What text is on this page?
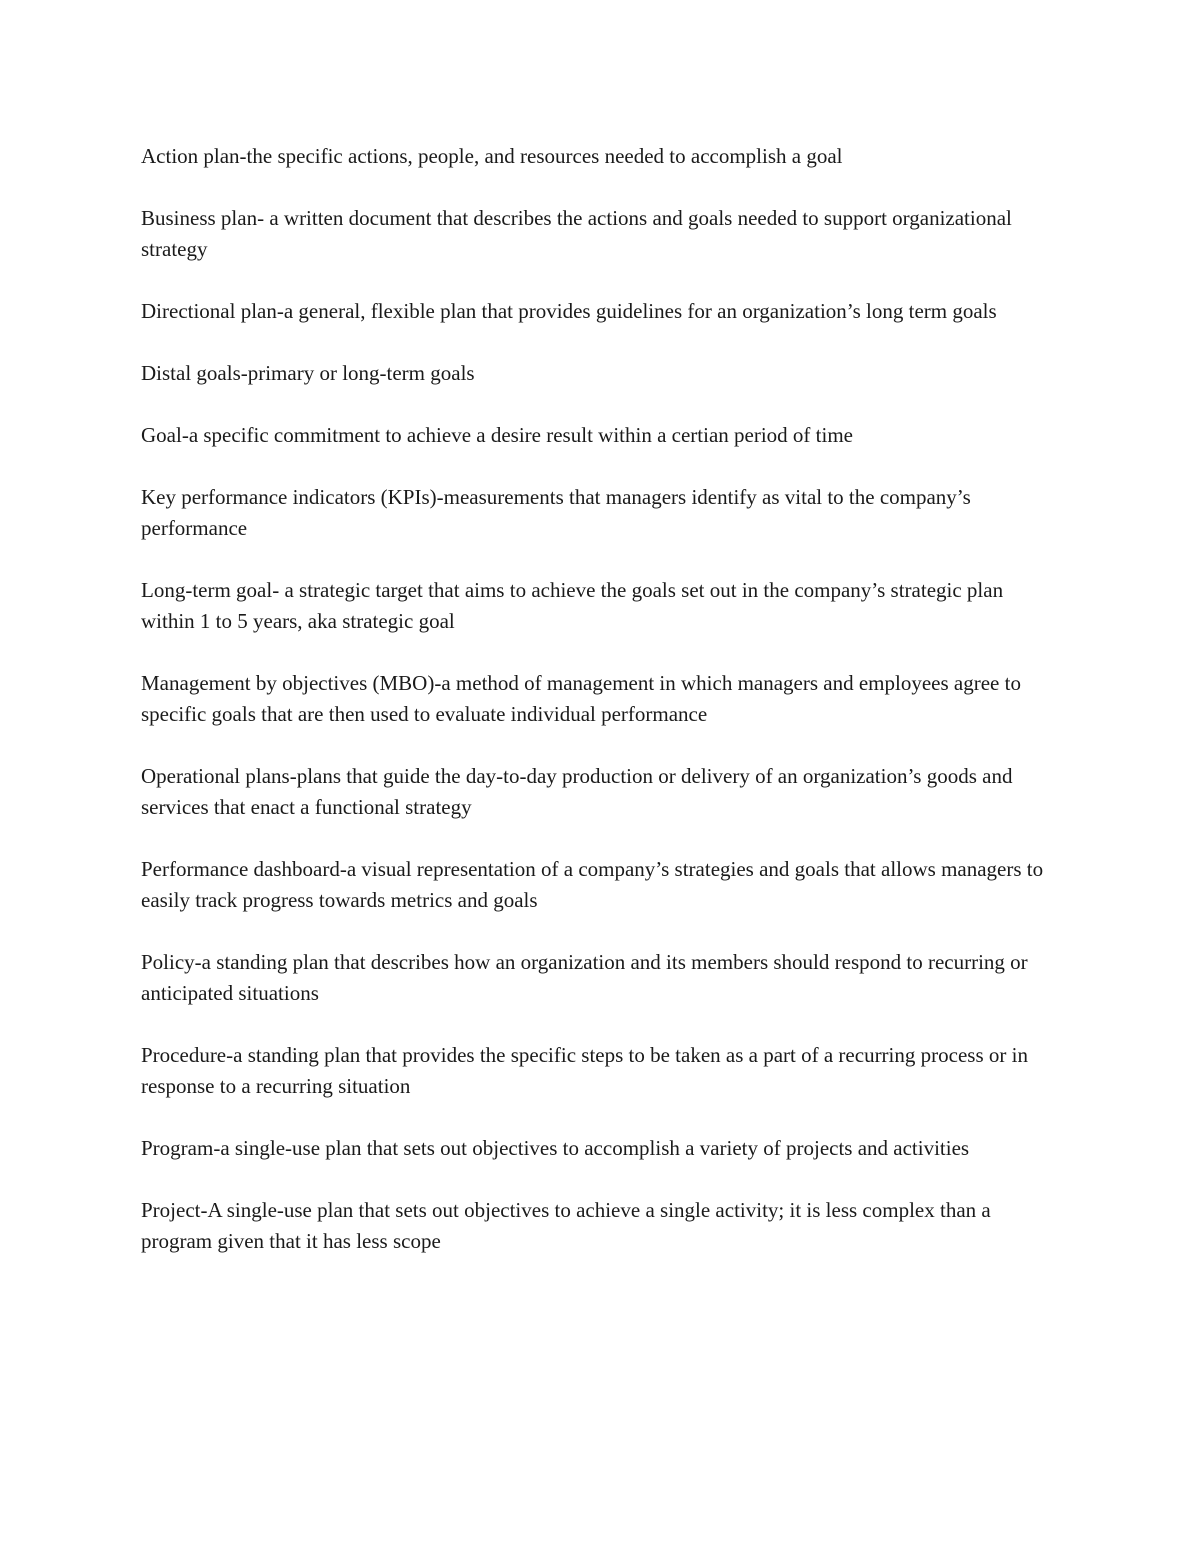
Action plan-the specific actions, people, and resources needed to accomplish a goal

Business plan- a written document that describes the actions and goals needed to support organizational strategy

Directional plan-a general, flexible plan that provides guidelines for an organization’s long term goals

Distal goals-primary or long-term goals

Goal-a specific commitment to achieve a desire result within a certian period of time

Key performance indicators (KPIs)-measurements that managers identify as vital to the company’s performance

Long-term goal- a strategic target that aims to achieve the goals set out in the company’s strategic plan within 1 to 5 years, aka strategic goal

Management by objectives (MBO)-a method of management in which managers and employees agree to specific goals that are then used to evaluate individual performance

Operational plans-plans that guide the day-to-day production or delivery of an organization’s goods and services that enact a functional strategy

Performance dashboard-a visual representation of a company’s strategies and goals that allows managers to easily track progress towards metrics and goals

Policy-a standing plan that describes how an organization and its members should respond to recurring or anticipated situations

Procedure-a standing plan that provides the specific steps to be taken as a part of a recurring process or in response to a recurring situation

Program-a single-use plan that sets out objectives to accomplish a variety of projects and activities

Project-A single-use plan that sets out objectives to achieve a single activity; it is less complex than a program given that it has less scope
